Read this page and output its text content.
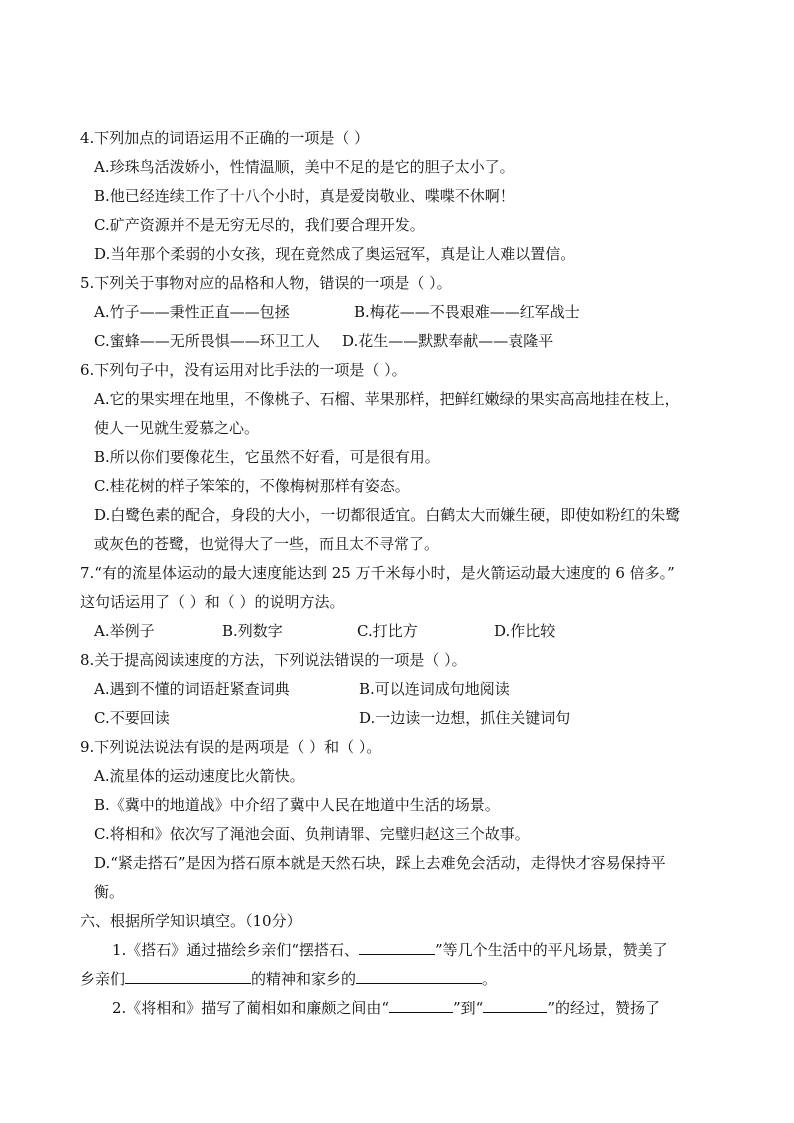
4.下列加点的词语运用不正确的一项是（ ）
A.珍珠鸟活泼娇小，性情温顺，美中不足的是它的胆子太小了。
B.他已经连续工作了十八个小时，真是爱岗敬业、喋喋不休啊！
C.矿产资源并不是无穷无尽的，我们要合理开发。
D.当年那个柔弱的小女孩，现在竟然成了奥运冠军，真是让人难以置信。
5.下列关于事物对应的品格和人物，错误的一项是（ ）。
A.竹子——秉性正直——包拯	B.梅花——不畏艰难——红军战士
C.蜜蜂——无所畏惧——环卫工人 D.花生——默默奉献——袁隆平
6.下列句子中，没有运用对比手法的一项是（ ）。
A.它的果实埋在地里，不像桃子、石榴、苹果那样，把鲜红嫩绿的果实高高地挂在枝上，
使人一见就生爱慕之心。
B.所以你们要像花生，它虽然不好看，可是很有用。
C.桂花树的样子笨笨的，不像梅树那样有姿态。
D.白鹭色素的配合，身段的大小，一切都很适宜。白鹤太大而嫌生硬，即使如粉红的朱鹭
或灰色的苍鹭，也觉得大了一些，而且太不寻常了。
7.“有的流星体运动的最大速度能达到 25 万千米每小时，是火箭运动最大速度的 6 倍多。”
这句话运用了（ ）和（ ）的说明方法。
A.举例子	B.列数字	C.打比方	D.作比较
8.关于提高阅读速度的方法，下列说法错误的一项是（ ）。
A.遇到不懂的词语赶紧查词典	B.可以连词成句地阅读
C.不要回读	D.一边读一边想，抓住关键词句
9.下列说法说法有误的是两项是（ ）和（ ）。
A.流星体的运动速度比火箭快。
B.《冀中的地道战》中介绍了冀中人民在地道中生活的场景。
C.将相和》依次写了渑池会面、负荆请罪、完璧归赵这三个故事。
D.“紧走搭石”是因为搭石原本就是天然石块，踩上去难免会活动，走得快才容易保持平
衡。
六、根据所学知识填空。（10分）
1.《搭石》通过描绘乡亲们“摆搭石、	”等几个生活中的平凡场景，赞美了
乡亲们	的精神和家乡的	。
2.《将相和》描写了蔺相如和廉颇之间由“	”到“	”的经过，赞扬了
